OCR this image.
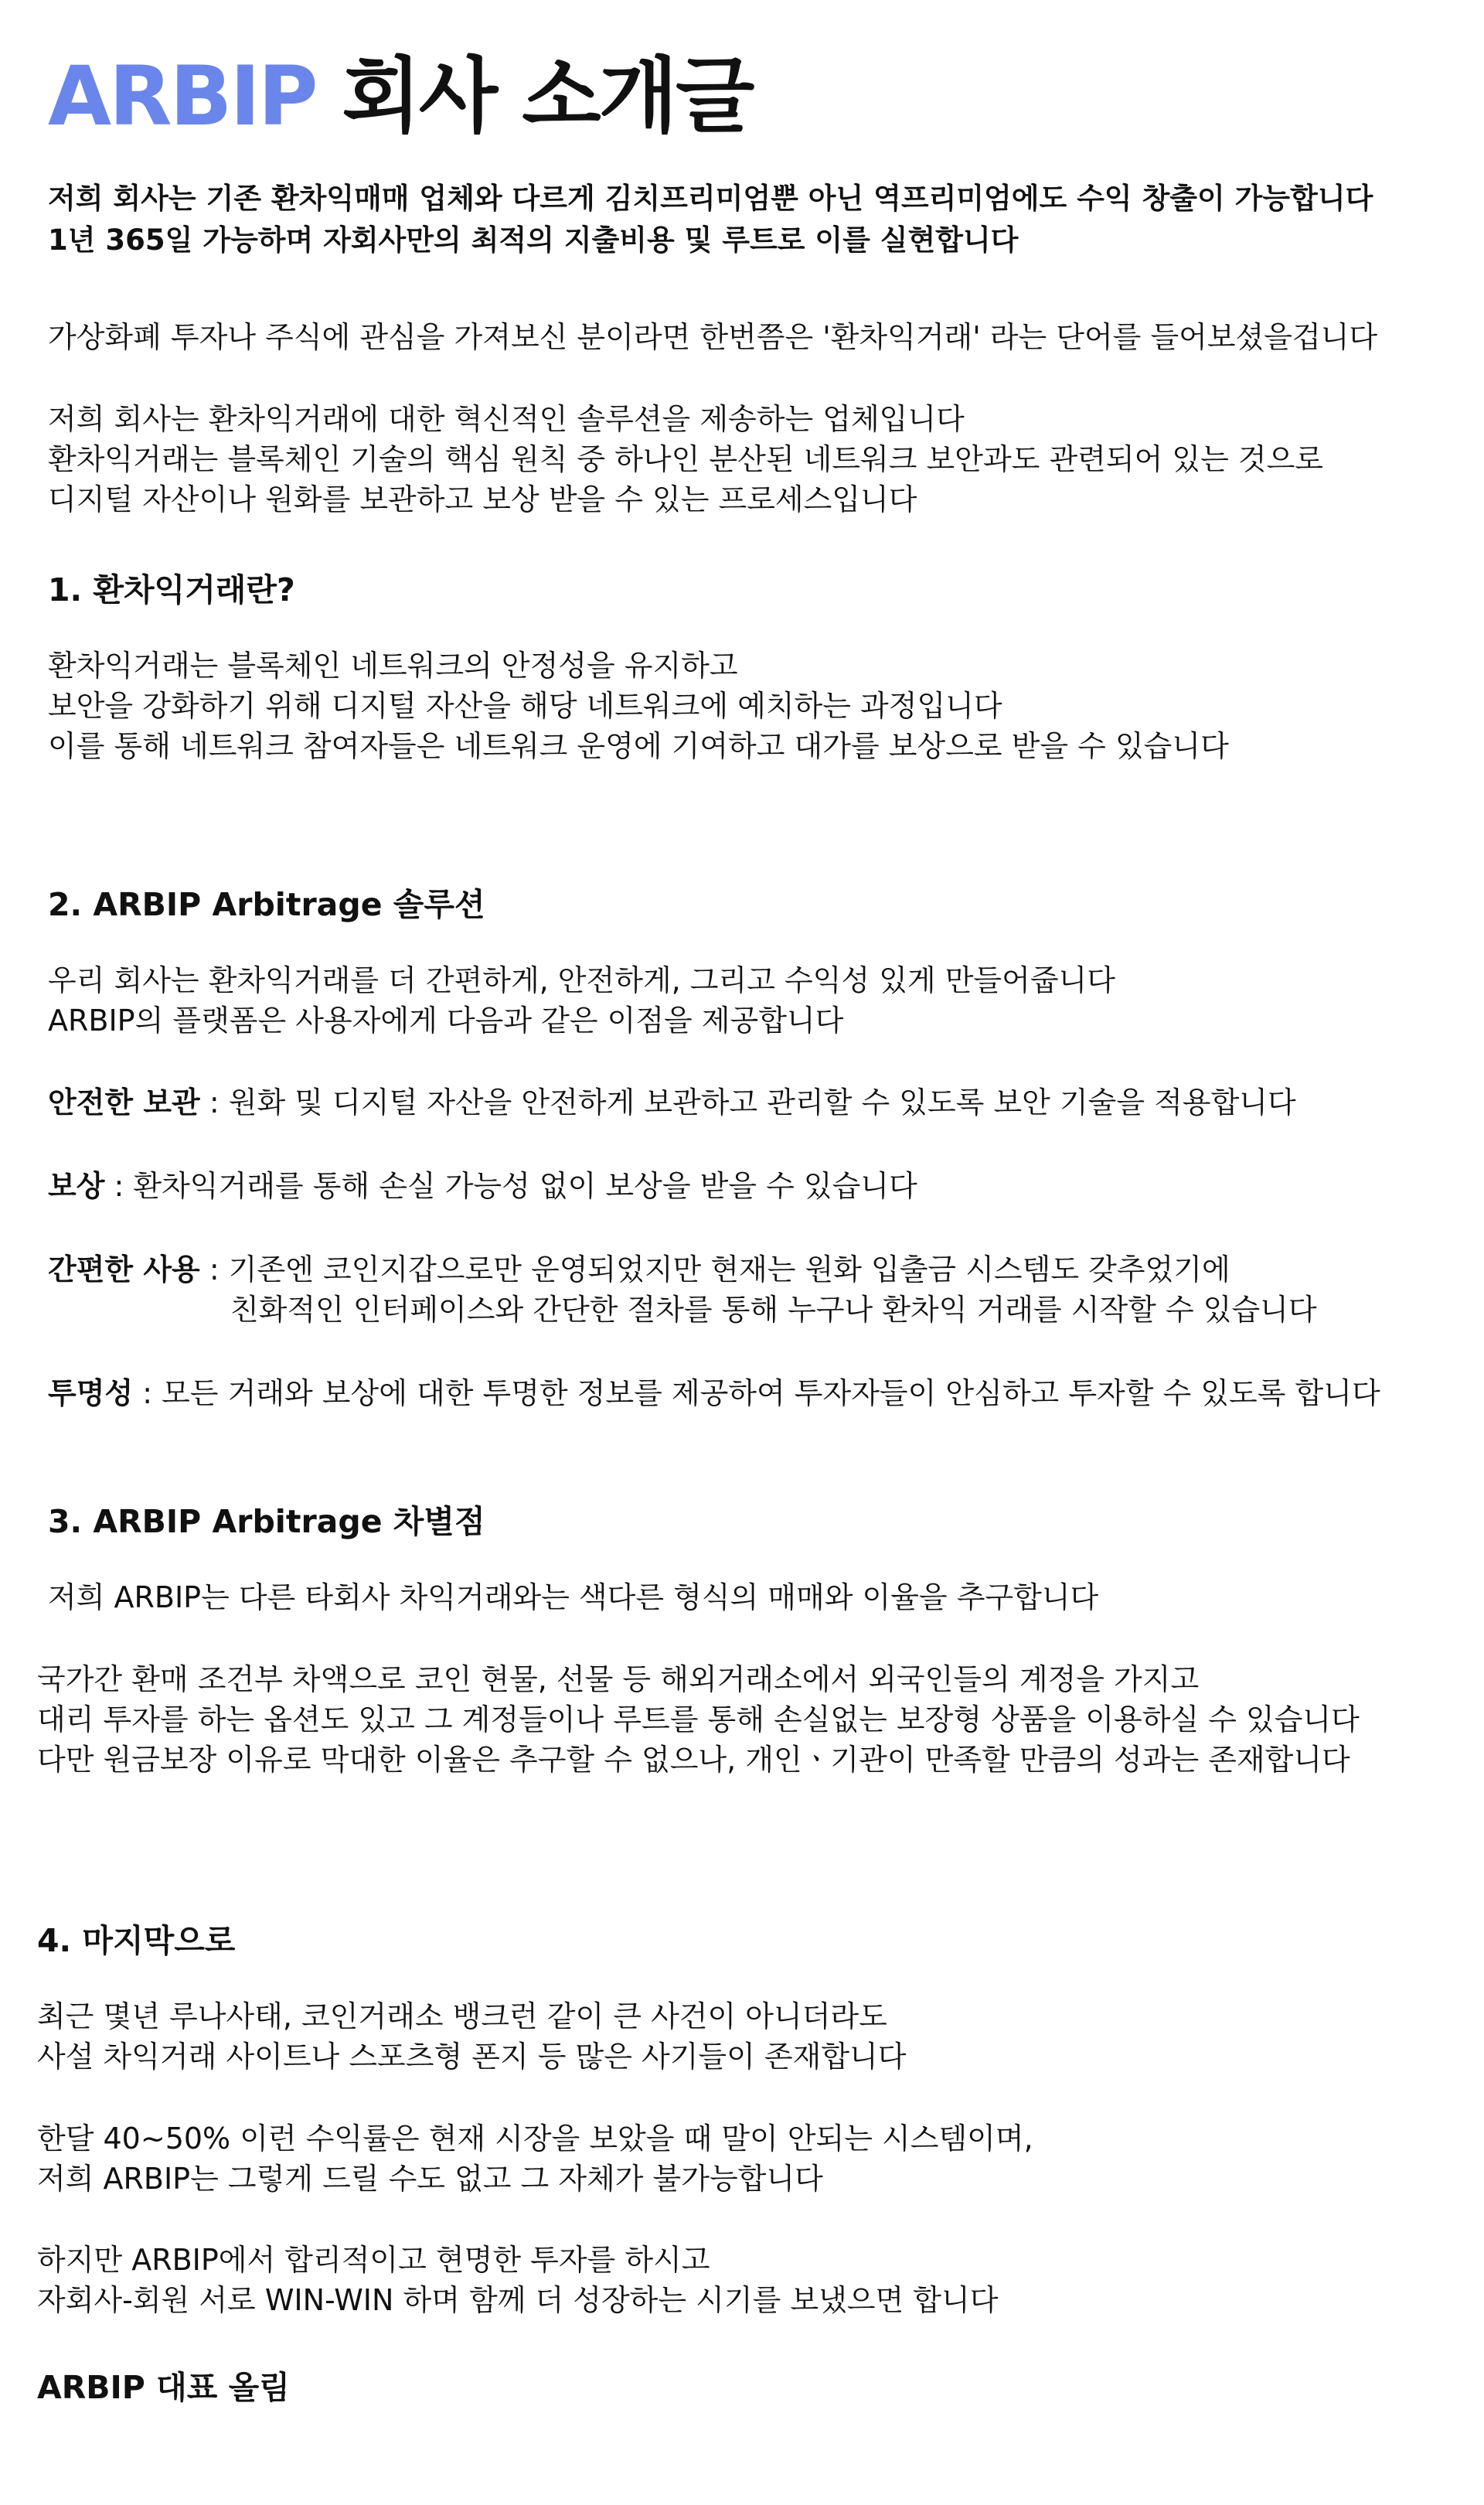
ARBIP 회사 소개글
저희 회사는 기존 환차익매매 업체와 다르게 김치프리미엄뿐 아닌 역프리미엄에도 수익 창출이 가능합니다
1년 365일 가능하며 자회사만의 최적의 지출비용 및 루트로 이를 실현합니다
가상화폐 투자나 주식에 관심을 가져보신 분이라면 한번쯤은 '환차익거래' 라는 단어를 들어보셨을겁니다
저희 회사는 환차익거래에 대한 혁신적인 솔루션을 제송하는 업체입니다
환차익거래는 블록체인 기술의 핵심 원칙 중 하나인 분산된 네트워크 보안과도 관련되어 있는 것으로
디지털 자산이나 원화를 보관하고 보상 받을 수 있는 프로세스입니다
1. 환차익거래란?
환차익거래는 블록체인 네트워크의 안정성을 유지하고
보안을 강화하기 위해 디지털 자산을 해당 네트워크에 예치하는 과정입니다
이를 통해 네트워크 참여자들은 네트워크 운영에 기여하고 대가를 보상으로 받을 수 있습니다
2. ARBIP Arbitrage 솔루션
우리 회사는 환차익거래를 더 간편하게, 안전하게, 그리고 수익성 있게 만들어줍니다
ARBIP의 플랫폼은 사용자에게 다음과 같은 이점을 제공합니다
안전한 보관 : 원화 및 디지털 자산을 안전하게 보관하고 관리할 수 있도록 보안 기술을 적용합니다
보상 : 환차익거래를 통해 손실 가능성 없이 보상을 받을 수 있습니다
간편한 사용 : 기존엔 코인지갑으로만 운영되었지만 현재는 원화 입출금 시스템도 갖추었기에
친화적인 인터페이스와 간단한 절차를 통해 누구나 환차익 거래를 시작할 수 있습니다
투명성 : 모든 거래와 보상에 대한 투명한 정보를 제공하여 투자자들이 안심하고 투자할 수 있도록 합니다
3. ARBIP Arbitrage 차별점
저희 ARBIP는 다른 타회사 차익거래와는 색다른 형식의 매매와 이율을 추구합니다
국가간 환매 조건부 차액으로 코인 현물, 선물 등 해외거래소에서 외국인들의 계정을 가지고
대리 투자를 하는 옵션도 있고 그 계정들이나 루트를 통해 손실없는 보장형 상품을 이용하실 수 있습니다
다만 원금보장 이유로 막대한 이율은 추구할 수 없으나, 개인ㆍ기관이 만족할 만큼의 성과는 존재합니다
4. 마지막으로
최근 몇년 루나사태, 코인거래소 뱅크런 같이 큰 사건이 아니더라도
사설 차익거래 사이트나 스포츠형 폰지 등 많은 사기들이 존재합니다
한달 40~50% 이런 수익률은 현재 시장을 보았을 때 말이 안되는 시스템이며,
저희 ARBIP는 그렇게 드릴 수도 없고 그 자체가 불가능합니다
하지만 ARBIP에서 합리적이고 현명한 투자를 하시고
자회사-회원 서로 WIN-WIN 하며 함께 더 성장하는 시기를 보냈으면 합니다
ARBIP 대표 올림
